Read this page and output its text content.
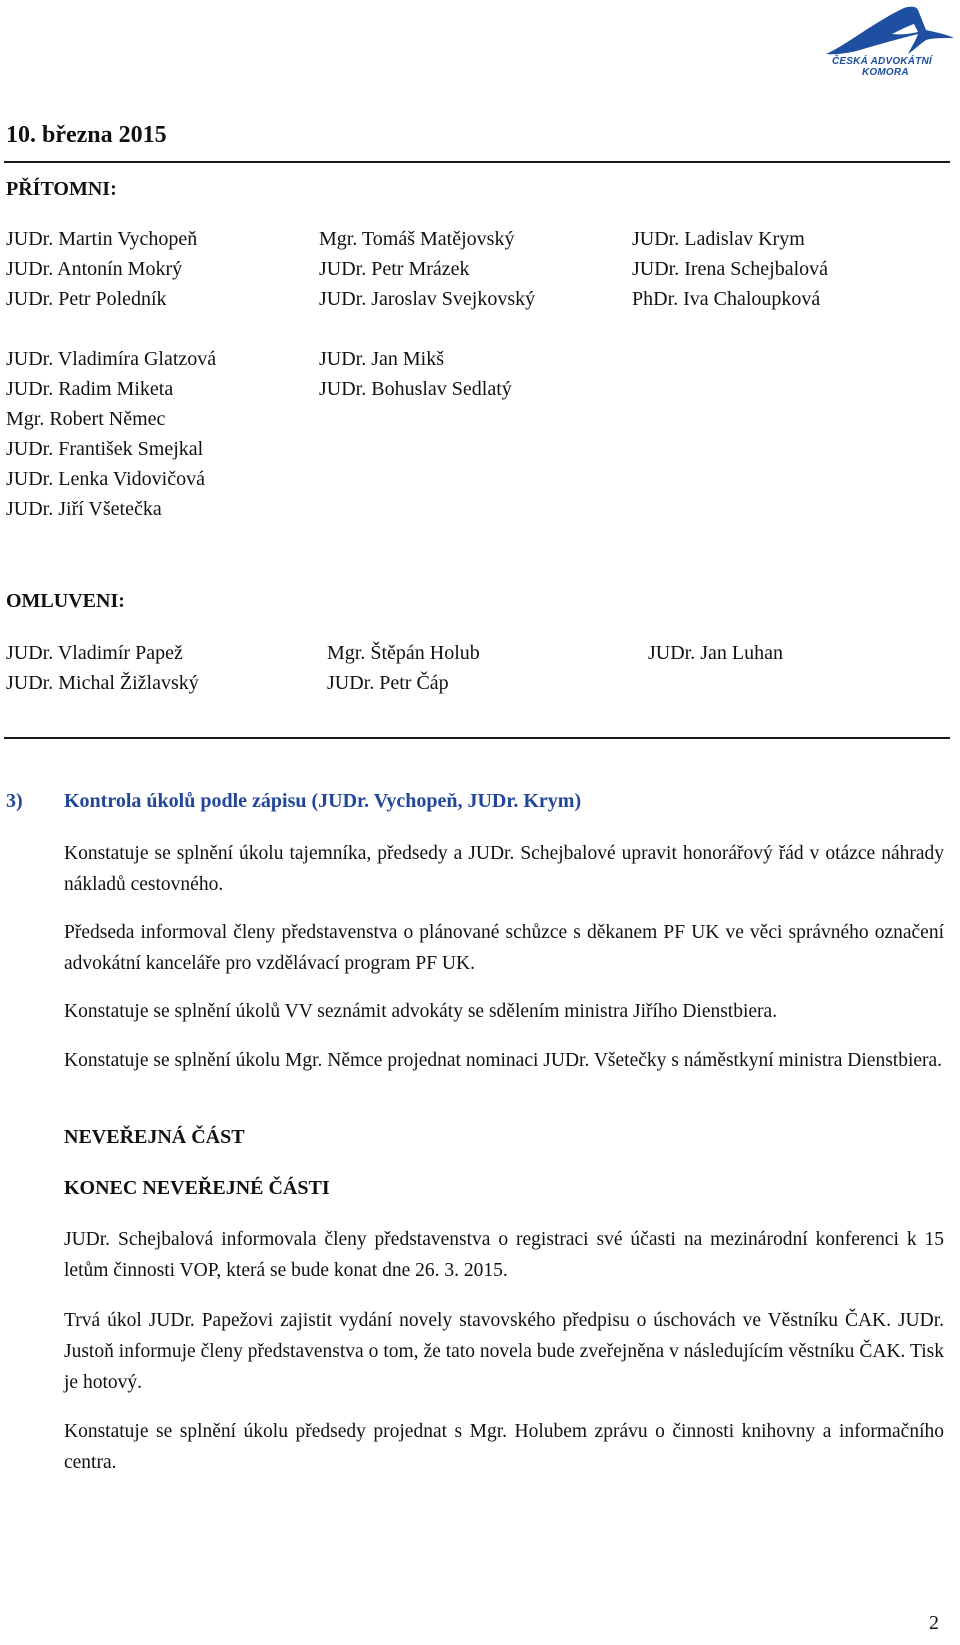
ČESKÁ ADVOKÁTNÍ
KOMORA
10. března 2015
PŘÍTOMNI:
JUDr. Martin Vychopeň	Mgr. Tomáš Matějovský	JUDr. Ladislav Krym
JUDr. Antonín Mokrý	JUDr. Petr Mrázek	JUDr. Irena Schejbalová
JUDr. Petr Poledník	JUDr. Jaroslav Svejkovský	PhDr. Iva Chaloupková
JUDr. Vladimíra Glatzová	JUDr. Jan Mikš
JUDr. Radim Miketa	JUDr. Bohuslav Sedlatý
Mgr. Robert Němec
JUDr. František Smejkal
JUDr. Lenka Vidovičová
JUDr. Jiří Všetečka
OMLUVENI:
JUDr. Vladimír Papež	Mgr. Štěpán Holub	JUDr. Jan Luhan
JUDr. Michal Žižlavský	JUDr. Petr Čáp
3) Kontrola úkolů podle zápisu (JUDr. Vychopeň, JUDr. Krym)

Konstatuje se splnění úkolu tajemníka, předsedy a JUDr. Schejbalové upravit honorářový řád v otázce náhrady nákladů cestovného.

Předseda informoval členy představenstva o plánované schůzce s děkanem PF UK ve věci správného označení advokátní kanceláře pro vzdělávací program PF UK.

Konstatuje se splnění úkolů VV seznámit advokáty se sdělením ministra Jiřího Dienstbiera.

Konstatuje se splnění úkolu Mgr. Němce projednat nominaci JUDr. Všetečky s náměstkyní ministra Dienstbiera.

NEVEŘEJNÁ ČÁST
KONEC NEVEŘEJNÉ ČÁSTI

JUDr. Schejbalová informovala členy představenstva o registraci své účasti na mezinárodní konferenci k 15 letům činnosti VOP, která se bude konat dne 26. 3. 2015.

Trvá úkol JUDr. Papežovi zajistit vydání novely stavovského předpisu o úschovách ve Věstníku ČAK. JUDr. Justoň informuje členy představenstva o tom, že tato novela bude zveřejněna v následujícím věstníku ČAK. Tisk je hotový.

Konstatuje se splnění úkolu předsedy projednat s Mgr. Holubem zprávu o činnosti knihovny a informačního centra.

2
